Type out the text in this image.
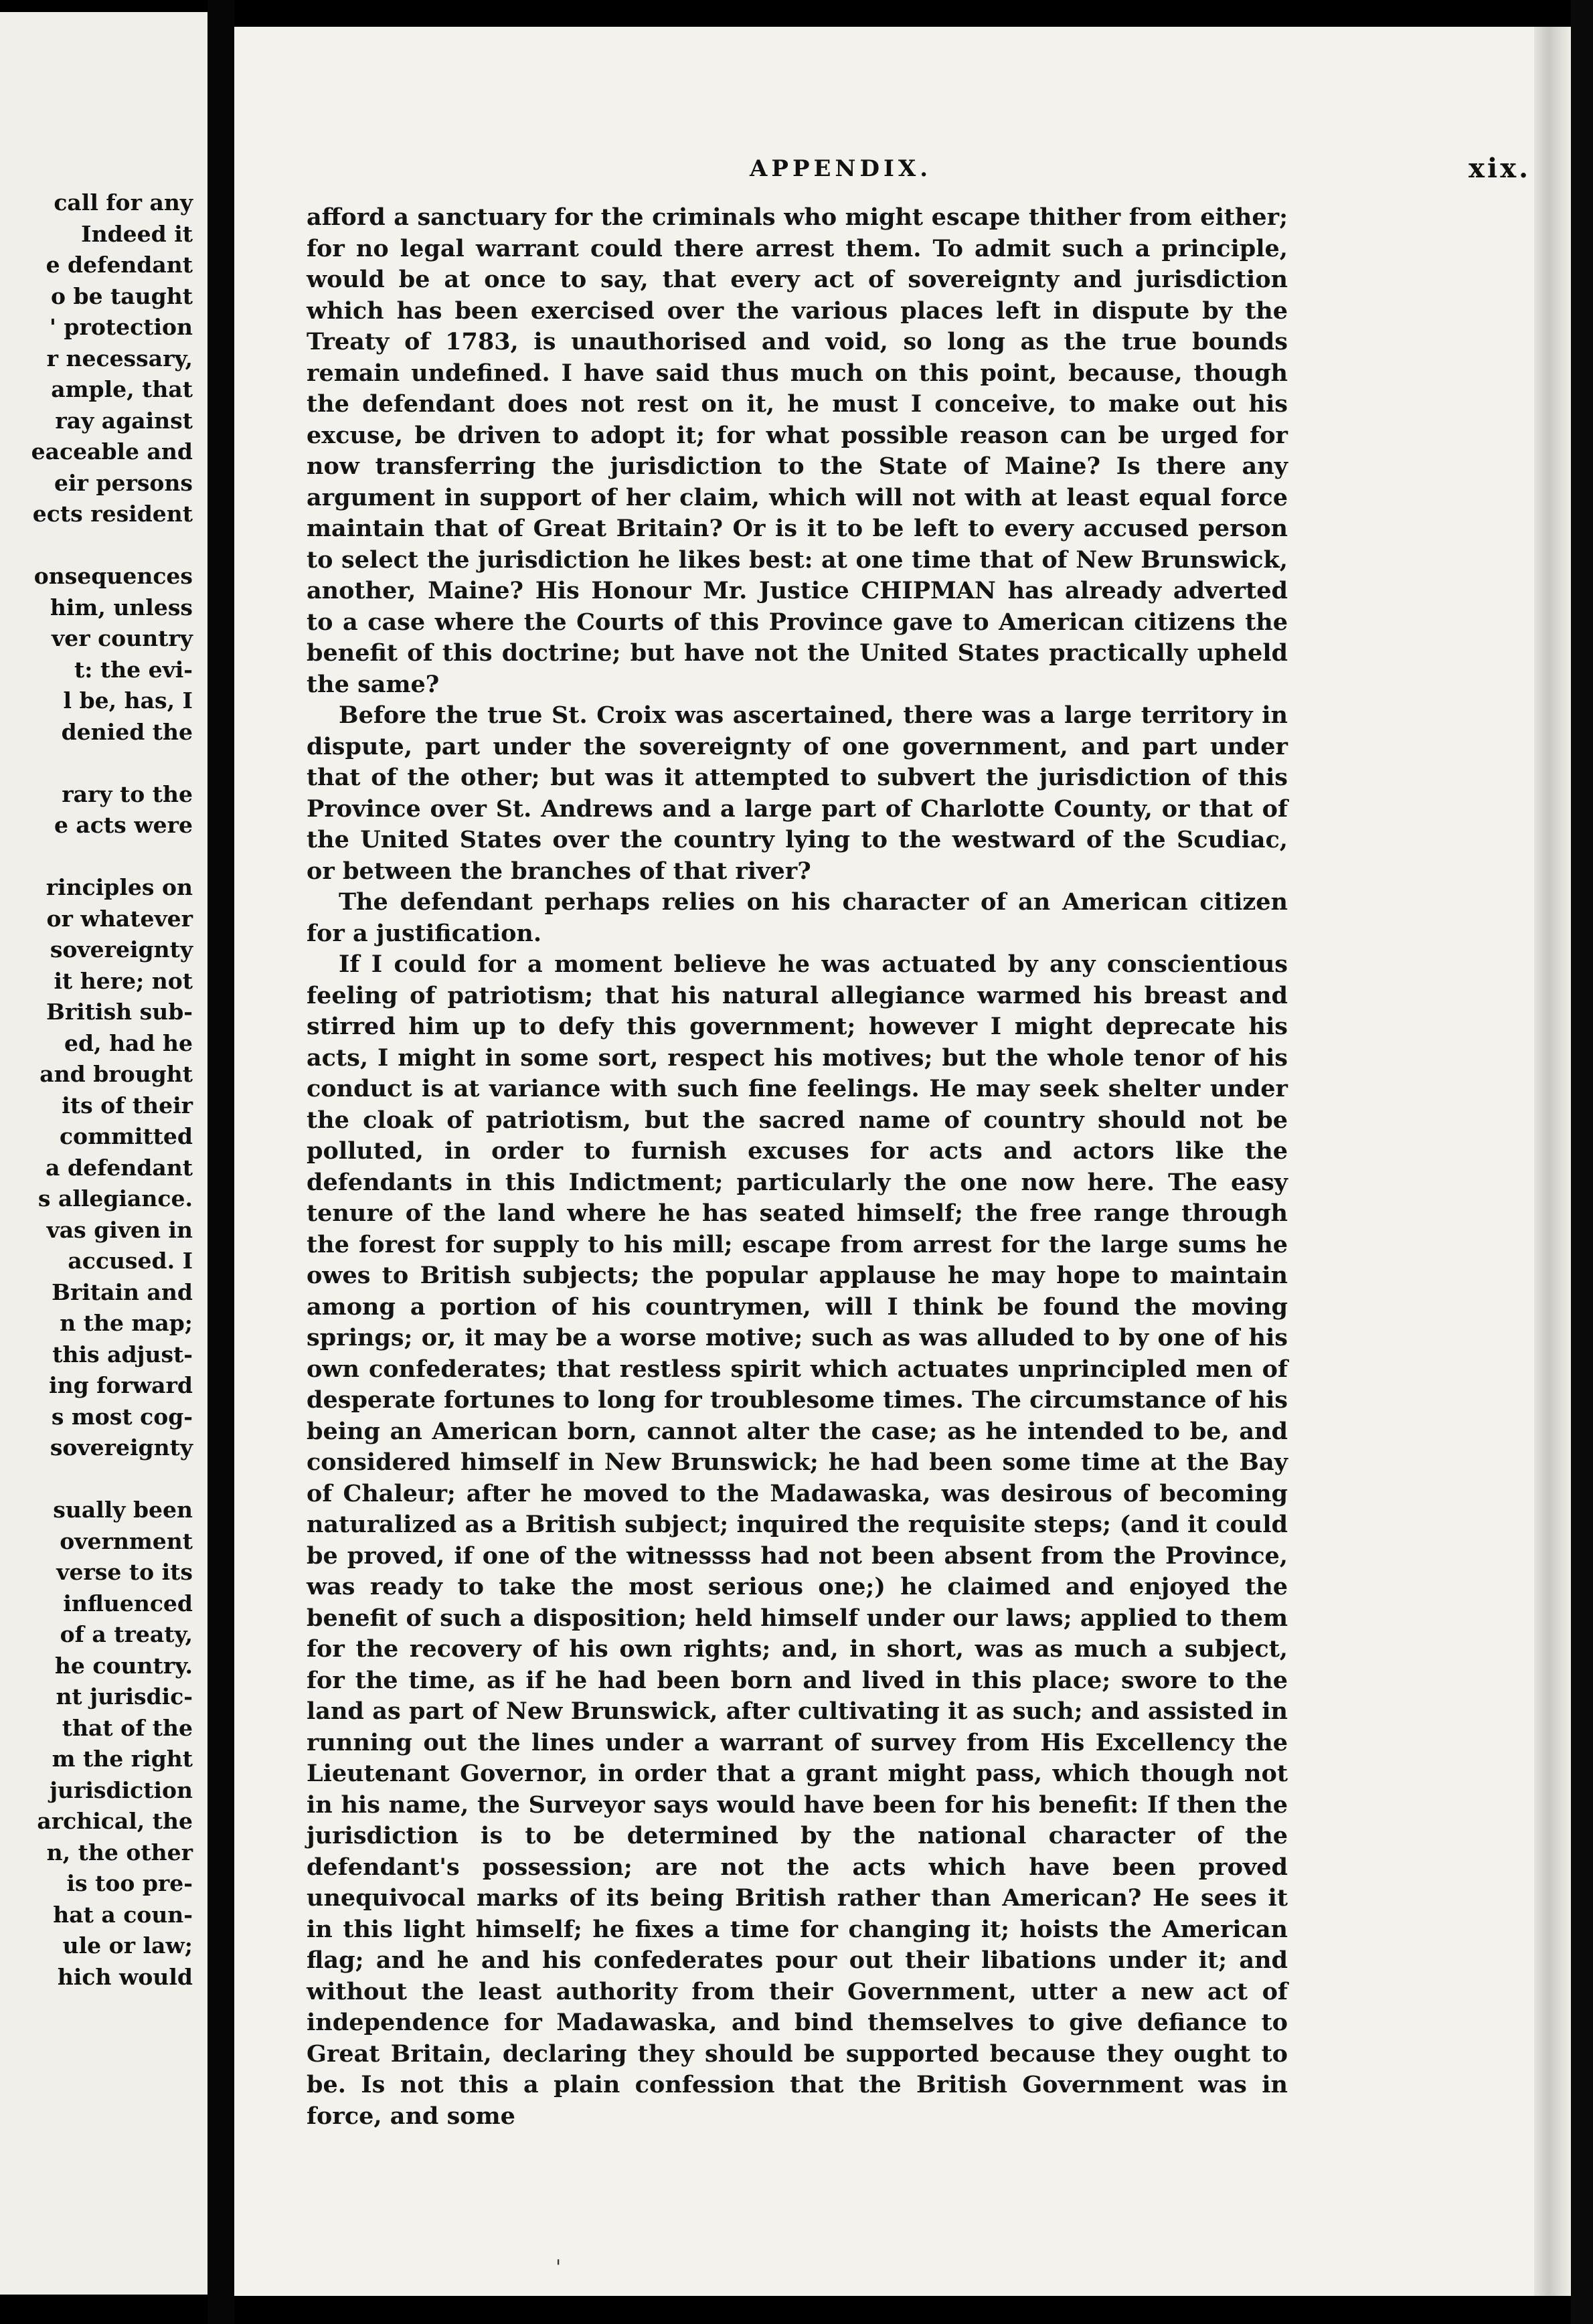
call for any
Indeed it
e defendant
o be taught
' protection
r necessary,
ample, that
ray against
eaceable and
eir persons
ects resident

onsequences
him, unless
ver country
t: the evi-
l be, has, I
denied the

rary to the
e acts were

rinciples on
or whatever
sovereignty
it here; not
British sub-
ed, had he
and brought
its of their
committed
a defendant
s allegiance.
vas given in
accused. I
Britain and
n the map;
this adjust-
ing forward
s most cog-
sovereignty

sually been
overnment
verse to its
influenced
of a treaty,
he country.
nt jurisdic-
that of the
m the right
jurisdiction
archical, the
n, the other
is too pre-
hat a coun-
ule or law;
hich would
APPENDIX.	xix.

afford a sanctuary for the criminals who might escape thither from either; for no legal warrant could there arrest them. To admit such a principle, would be at once to say, that every act of sovereignty and jurisdiction which has been exercised over the various places left in dispute by the Treaty of 1783, is unauthorised and void, so long as the true bounds remain undefined. I have said thus much on this point, because, though the defendant does not rest on it, he must I conceive, to make out his excuse, be driven to adopt it; for what possible reason can be urged for now transferring the jurisdiction to the State of Maine? Is there any argument in support of her claim, which will not with at least equal force maintain that of Great Britain? Or is it to be left to every accused person to select the jurisdiction he likes best: at one time that of New Brunswick, another, Maine? His Honour Mr. Justice CHIPMAN has already adverted to a case where the Courts of this Province gave to American citizens the benefit of this doctrine; but have not the United States practically upheld the same?

Before the true St. Croix was ascertained, there was a large territory in dispute, part under the sovereignty of one government, and part under that of the other; but was it attempted to subvert the jurisdiction of this Province over St. Andrews and a large part of Charlotte County, or that of the United States over the country lying to the westward of the Scudiac, or between the branches of that river?

The defendant perhaps relies on his character of an American citizen for a justification.

If I could for a moment believe he was actuated by any conscientious feeling of patriotism; that his natural allegiance warmed his breast and stirred him up to defy this government; however I might deprecate his acts, I might in some sort, respect his motives; but the whole tenor of his conduct is at variance with such fine feelings. He may seek shelter under the cloak of patriotism, but the sacred name of country should not be polluted, in order to furnish excuses for acts and actors like the defendants in this Indictment; particularly the one now here. The easy tenure of the land where he has seated himself; the free range through the forest for supply to his mill; escape from arrest for the large sums he owes to British subjects; the popular applause he may hope to maintain among a portion of his countrymen, will I think be found the moving springs; or, it may be a worse motive; such as was alluded to by one of his own confederates; that restless spirit which actuates unprincipled men of desperate fortunes to long for troublesome times. The circumstance of his being an American born, cannot alter the case; as he intended to be, and considered himself in New Brunswick; he had been some time at the Bay of Chaleur; after he moved to the Madawaska, was desirous of becoming naturalized as a British subject; inquired the requisite steps; (and it could be proved, if one of the witnessss had not been absent from the Province, was ready to take the most serious one;) he claimed and enjoyed the benefit of such a disposition; held himself under our laws; applied to them for the recovery of his own rights; and, in short, was as much a subject, for the time, as if he had been born and lived in this place; swore to the land as part of New Brunswick, after cultivating it as such; and assisted in running out the lines under a warrant of survey from His Excellency the Lieutenant Governor, in order that a grant might pass, which though not in his name, the Surveyor says would have been for his benefit: If then the jurisdiction is to be determined by the national character of the defendant's possession; are not the acts which have been proved unequivocal marks of its being British rather than American? He sees it in this light himself; he fixes a time for changing it; hoists the American flag; and he and his confederates pour out their libations under it; and without the least authority from their Government, utter a new act of independence for Madawaska, and bind themselves to give defiance to Great Britain, declaring they should be supported because they ought to be. Is not this a plain confession that the British Government was in force, and some

'
